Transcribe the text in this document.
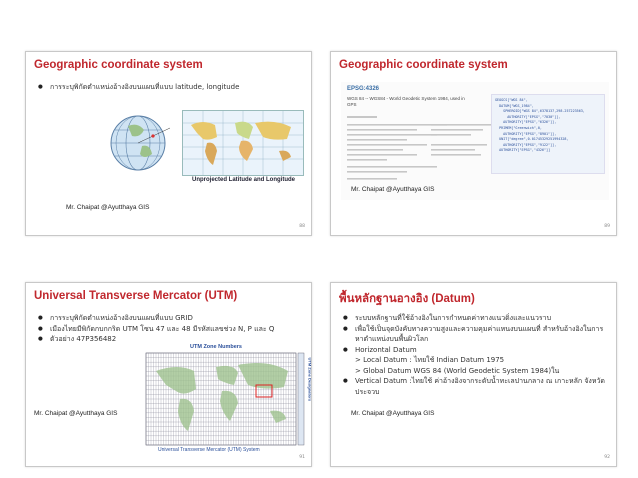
Geographic coordinate system
● การระบุพิกัดตำแหน่งอ้างอิงบนแผนที่แบบ latitude, longitude
Unprojected Latitude and Longitude
Mr. Chaipat @Ayutthaya GIS
88
Geographic coordinate system
EPSG:4326
WGS 84 -- WGS84 - World Geodetic System 1984, used in GPS
GEOGCS["WGS 84",
DATUM["WGS_1984",
SPHEROID["WGS 84",6378137,298.257223563,
AUTHORITY["EPSG","7030"]],
AUTHORITY["EPSG","6326"]],
PRIMEM["Greenwich",0,
AUTHORITY["EPSG","8901"]],
UNIT["degree",0.01745329251994328,
AUTHORITY["EPSG","9122"]],
AUTHORITY["EPSG","4326"]]
Mr. Chaipat @Ayutthaya GIS
89
Universal Transverse Mercator (UTM)
● การระบุพิกัดตำแหน่งอ้างอิงบนแผนที่แบบ GRID
● เมืองไทยมีพิกัดกบกกริด UTM โซน 47 และ 48 มีรหัสแลขช่วง N, P และ Q
● ตัวอย่าง 47P356482
UTM Zone Numbers
UTM Zone Designators
Universal Transverse Mercator (UTM) System
Mr. Chaipat @Ayutthaya GIS
91
พื้นหลักฐานอางอิง (Datum)
● ระบบหลักฐานที่ใช้อ้างอิงในการกำหนดค่าทางแนวดิ่งและแนวราบ
● เพื่อใช้เป็นจุดบังคับทางความสูงและความคุมค่าแหนงบนแผนที่ สำหรับอ้างอิงในการหาตำแหน่งบนพื้นผิวโลก
● Horizontal Datum
> Local Datum : ไทยใช้ Indian Datum 1975
> Global Datum WGS 84 (World Geodetic System 1984)ใน
● Vertical Datum :ไทยใช้ ค่าอ้างอิงจากระดับน้ำทะเลปานกลาง ณ เกาะหลัก จังหวัดประจวบ
Mr. Chaipat @Ayutthaya GIS
92
